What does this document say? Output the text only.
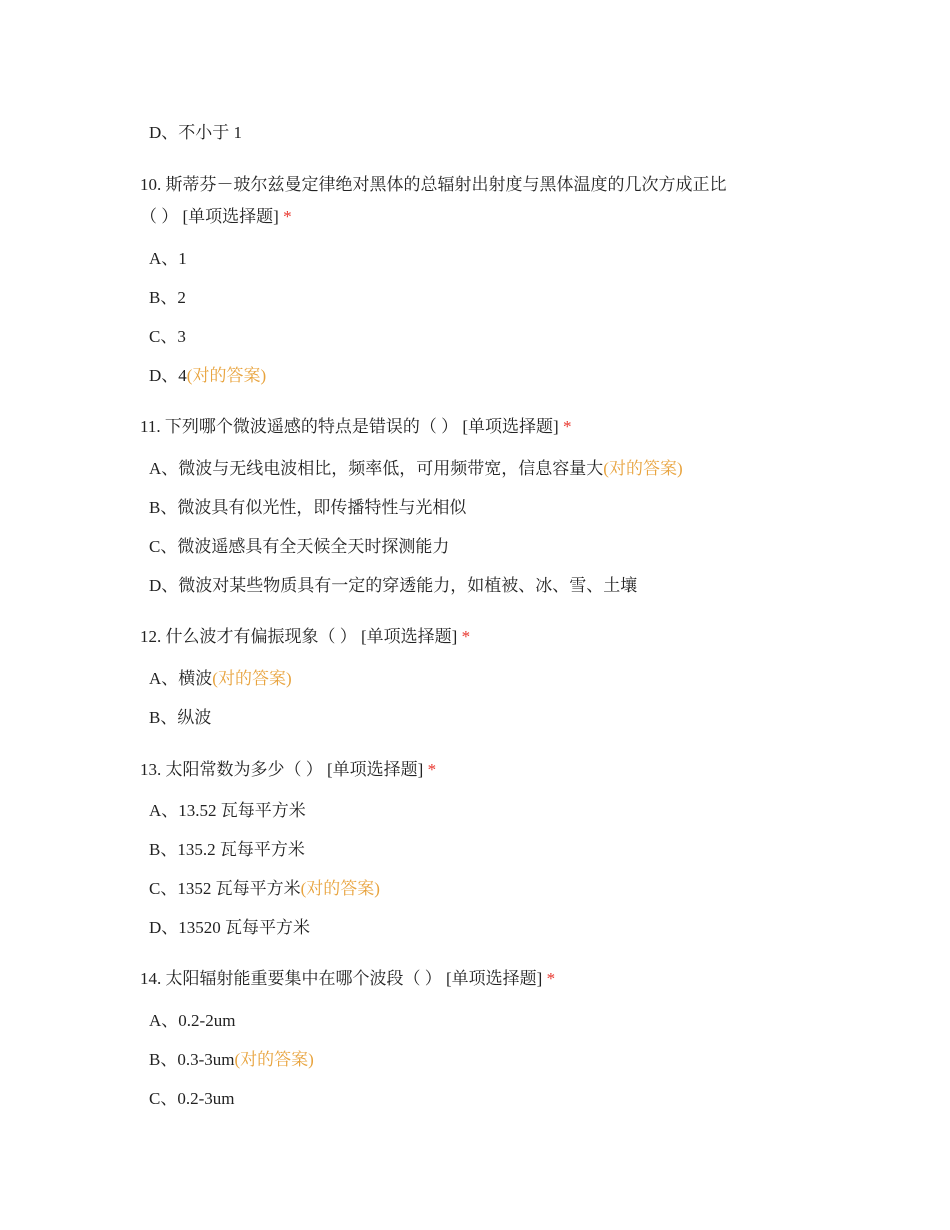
D、不小于 1
10. 斯蒂芬－玻尔兹曼定律绝对黑体的总辐射出射度与黑体温度的几次方成正比
（ ） [单项选择题] *
A、1
B、2
C、3
D、4(对的答案)
11. 下列哪个微波遥感的特点是错误的（ ） [单项选择题] *
A、微波与无线电波相比，频率低，可用频带宽，信息容量大(对的答案)
B、微波具有似光性，即传播特性与光相似
C、微波遥感具有全天候全天时探测能力
D、微波对某些物质具有一定的穿透能力，如植被、冰、雪、土壤
12. 什么波才有偏振现象（ ） [单项选择题] *
A、横波(对的答案)
B、纵波
13. 太阳常数为多少（ ） [单项选择题] *
A、13.52 瓦每平方米
B、135.2 瓦每平方米
C、1352 瓦每平方米(对的答案)
D、13520 瓦每平方米
14. 太阳辐射能重要集中在哪个波段（ ） [单项选择题] *
A、0.2-2um
B、0.3-3um(对的答案)
C、0.2-3um
